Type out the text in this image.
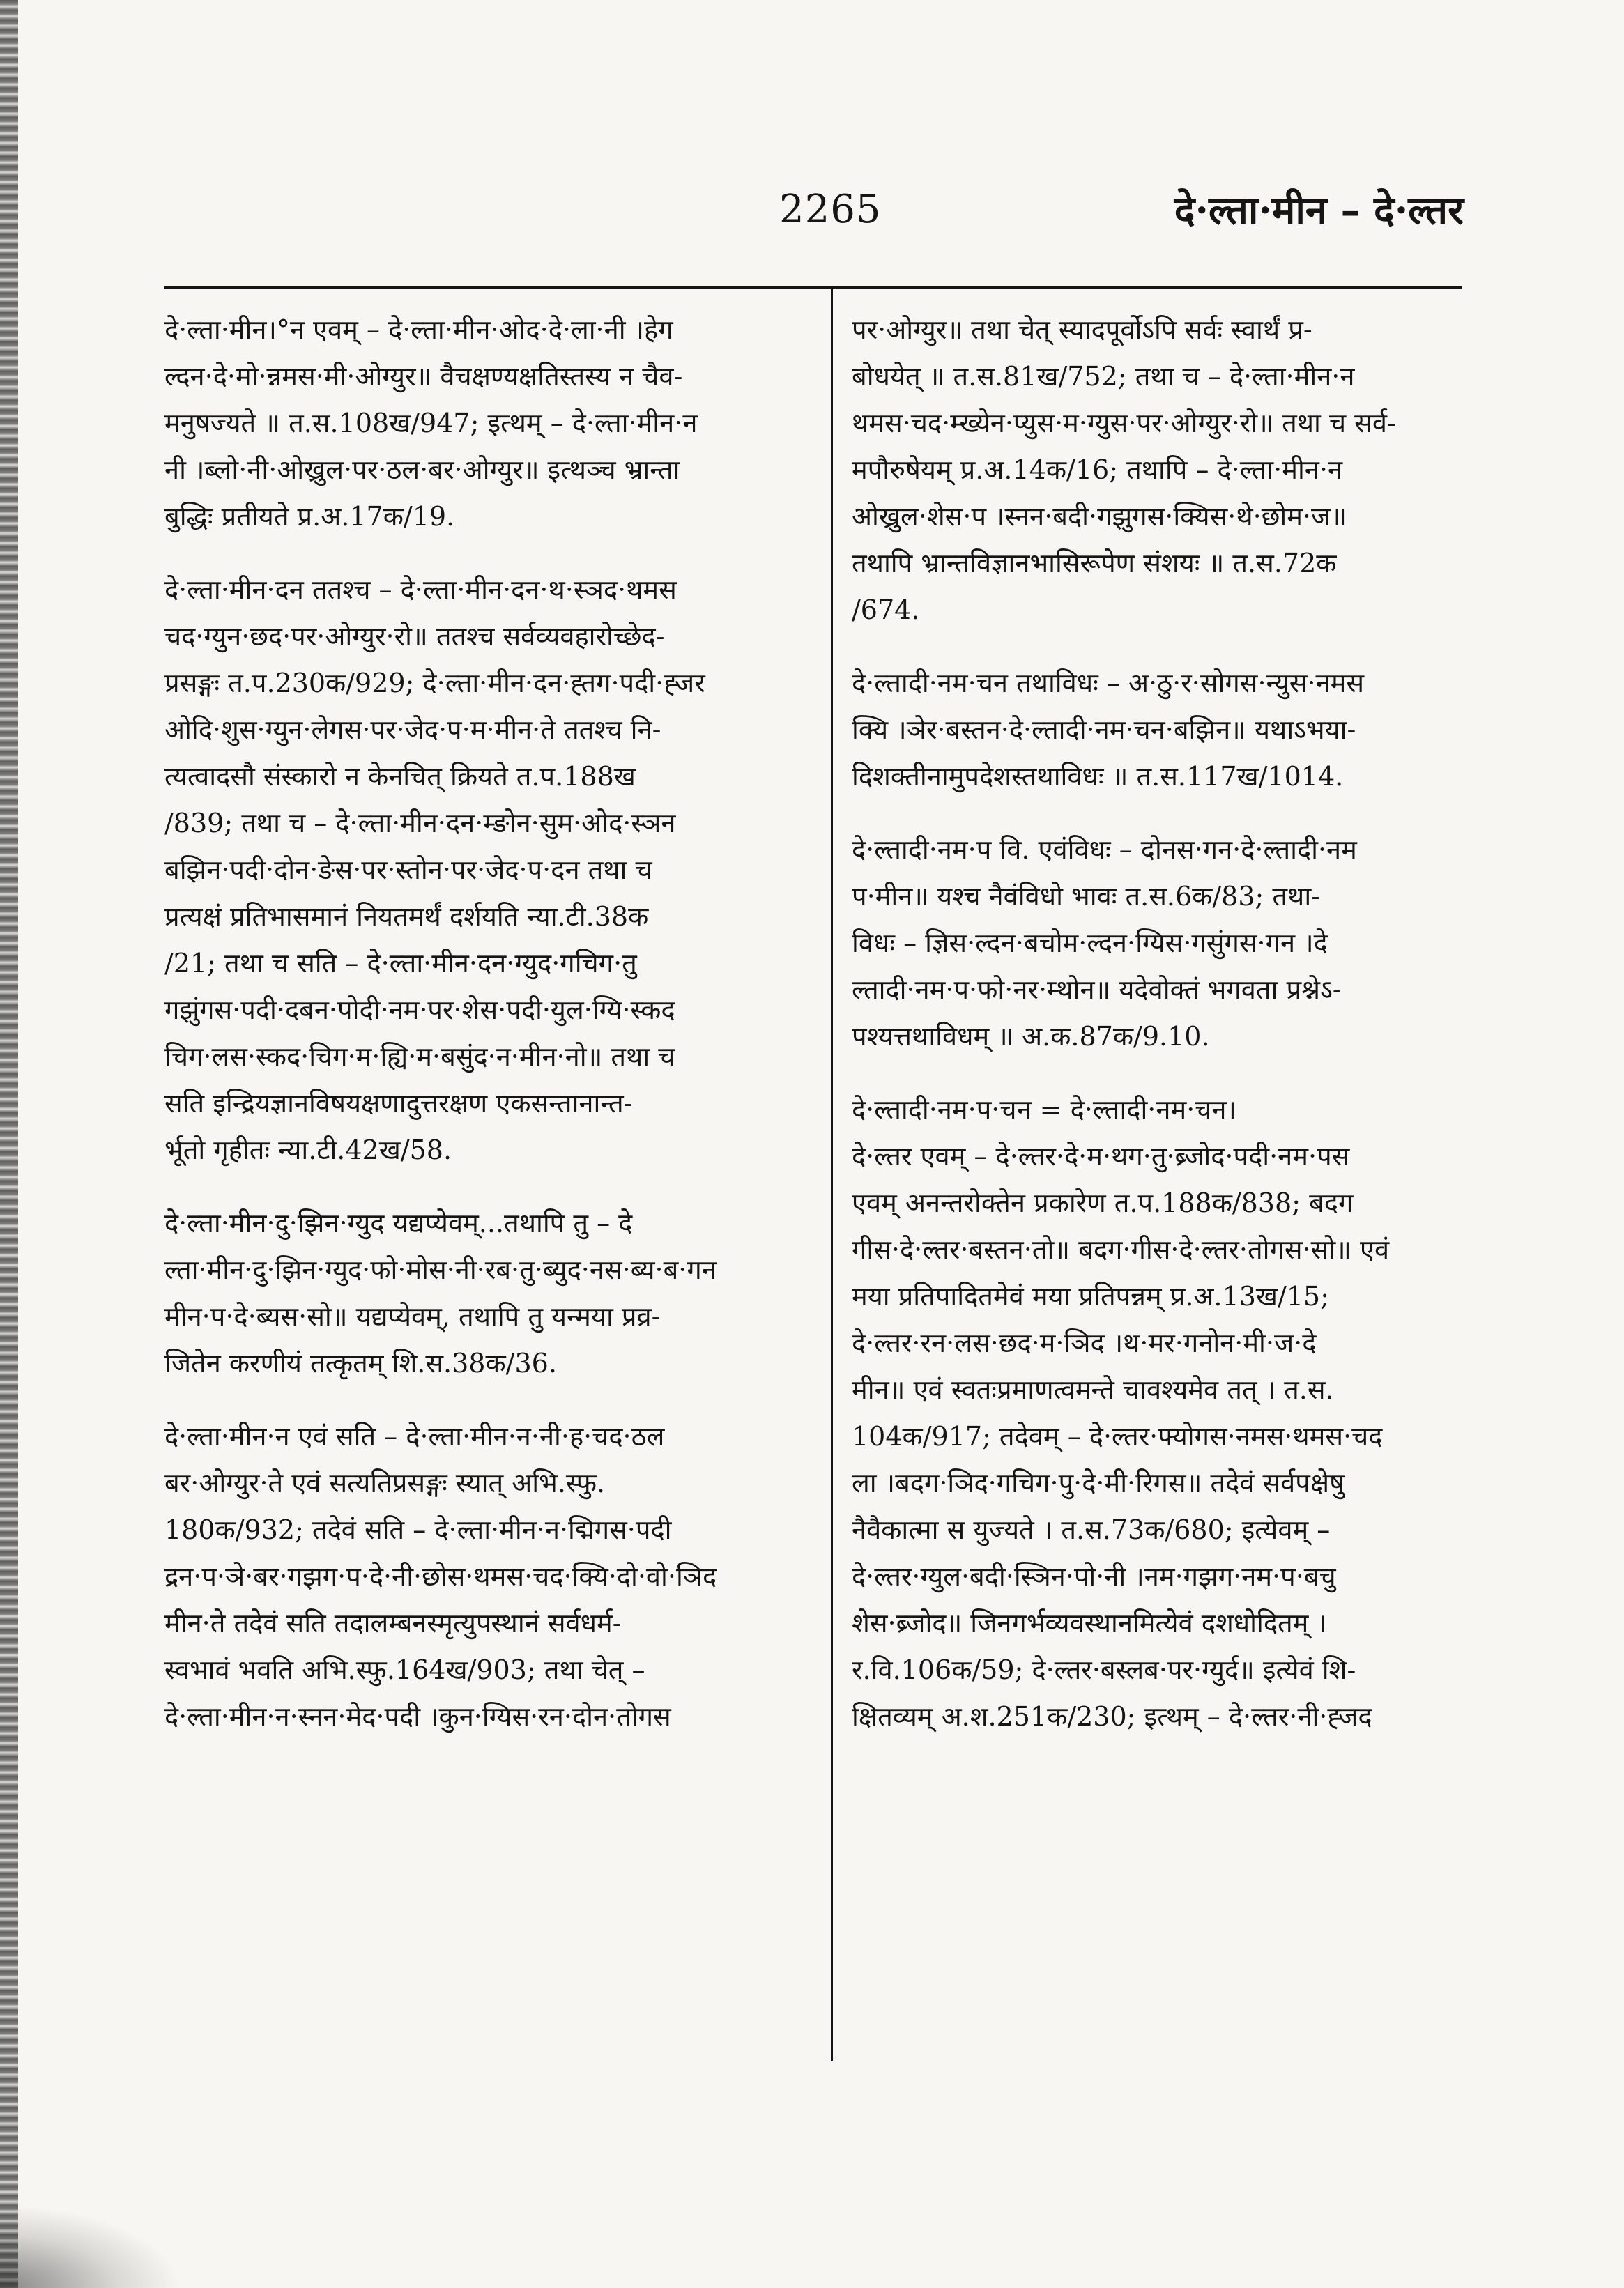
2265	दे·ल्ता·मीन – दे·ल्तर
दे·ल्ता·मीन।°न एवम् – दे·ल्ता·मीन·ओद·दे·ला·नी ।हेग
ल्दन·दे·मो·न्नमस·मी·ओग्युर॥ वैचक्षण्यक्षतिस्तस्य न चैव-
मनुषज्यते ॥ त.स.108ख/947; इत्थम् – दे·ल्ता·मीन·न
नी ।ब्लो·नी·ओख्रुल·पर·ठल·बर·ओग्युर॥ इत्थञ्च भ्रान्ता
बुद्धिः प्रतीयते प्र.अ.17क/19.
दे·ल्ता·मीन·दन ततश्च – दे·ल्ता·मीन·दन·थ·स्ञद·थमस
चद·ग्युन·छद·पर·ओग्युर·रो॥ ततश्च सर्वव्यवहारोच्छेद-
प्रसङ्गः त.प.230क/929; दे·ल्ता·मीन·दन·ह्तग·पदी·ह्जर
ओदि·शुस·ग्युन·लेगस·पर·जेद·प·म·मीन·ते ततश्च नि-
त्यत्वादसौ संस्कारो न केनचित् क्रियते त.प.188ख
/839; तथा च – दे·ल्ता·मीन·दन·म्ङोन·सुम·ओद·स्ञन
बझिन·पदी·दोन·ङेस·पर·स्तोन·पर·जेद·प·दन तथा च
प्रत्यक्षं प्रतिभासमानं नियतमर्थं दर्शयति न्या.टी.38क
/21; तथा च सति – दे·ल्ता·मीन·दन·ग्युद·गचिग·तु
गझुंगस·पदी·दबन·पोदी·नम·पर·शेस·पदी·युल·ग्यि·स्कद
चिग·लस·स्कद·चिग·म·ह्यि·म·बसुंद·न·मीन·नो॥ तथा च
सति इन्द्रियज्ञानविषयक्षणादुत्तरक्षण एकसन्तानान्त-
र्भूतो गृहीतः न्या.टी.42ख/58.
दे·ल्ता·मीन·दु·झिन·ग्युद यद्यप्येवम्...तथापि तु – दे
ल्ता·मीन·दु·झिन·ग्युद·फो·मोस·नी·रब·तु·ब्युद·नस·ब्य·ब·गन
मीन·प·दे·ब्यस·सो॥ यद्यप्येवम्, तथापि तु यन्मया प्रव्र-
जितेन करणीयं तत्कृतम् शि.स.38क/36.
दे·ल्ता·मीन·न एवं सति – दे·ल्ता·मीन·न·नी·ह·चद·ठल
बर·ओग्युर·ते एवं सत्यतिप्रसङ्गः स्यात् अभि.स्फु.
180क/932; तदेवं सति – दे·ल्ता·मीन·न·द्मिगस·पदी
द्रन·प·ञे·बर·गझग·प·दे·नी·छोस·थमस·चद·क्यि·दो·वो·ञिद
मीन·ते तदेवं सति तदालम्बनस्मृत्युपस्थानं सर्वधर्म-
स्वभावं भवति अभि.स्फु.164ख/903; तथा चेत् –
दे·ल्ता·मीन·न·स्नन·मेद·पदी ।कुन·ग्यिस·रन·दोन·तोगस
पर·ओग्युर॥ तथा चेत् स्यादपूर्वोऽपि सर्वः स्वार्थं प्र-
बोधयेत् ॥ त.स.81ख/752; तथा च – दे·ल्ता·मीन·न
थमस·चद·म्ख्येन·प्युस·म·ग्युस·पर·ओग्युर·रो॥ तथा च सर्व-
मपौरुषेयम् प्र.अ.14क/16; तथापि – दे·ल्ता·मीन·न
ओख्रुल·शेस·प ।स्नन·बदी·गझुगस·क्यिस·थे·छोम·ज॥
तथापि भ्रान्तविज्ञानभासिरूपेण संशयः ॥ त.स.72क
/674.
दे·ल्तादी·नम·चन तथाविधः – अ·ठु·र·सोगस·न्युस·नमस
क्यि ।ञेर·बस्तन·दे·ल्तादी·नम·चन·बझिन॥ यथाऽभया-
दिशक्तीनामुपदेशस्तथाविधः ॥ त.स.117ख/1014.
दे·ल्तादी·नम·प वि. एवंविधः – दोनस·गन·दे·ल्तादी·नम
प·मीन॥ यश्च नैवंविधो भावः त.स.6क/83; तथा-
विधः – ज्ञिस·ल्दन·बचोम·ल्दन·ग्यिस·गसुंगस·गन ।दे
ल्तादी·नम·प·फो·नर·म्थोन॥ यदेवोक्तं भगवता प्रश्नेऽ-
पश्यत्तथाविधम् ॥ अ.क.87क/9.10.
दे·ल्तादी·नम·प·चन = दे·ल्तादी·नम·चन।
दे·ल्तर एवम् – दे·ल्तर·दे·म·थग·तु·ब्र्जोद·पदी·नम·पस
एवम् अनन्तरोक्तेन प्रकारेण त.प.188क/838; बदग
गीस·दे·ल्तर·बस्तन·तो॥ बदग·गीस·दे·ल्तर·तोगस·सो॥ एवं
मया प्रतिपादितमेवं मया प्रतिपन्नम् प्र.अ.13ख/15;
दे·ल्तर·रन·लस·छद·म·ञिद ।थ·मर·गनोन·मी·ज·दे
मीन॥ एवं स्वतःप्रमाणत्वमन्ते चावश्यमेव तत् । त.स.
104क/917; तदेवम् – दे·ल्तर·फ्योगस·नमस·थमस·चद
ला ।बदग·ञिद·गचिग·पु·दे·मी·रिगस॥ तदेवं सर्वपक्षेषु
नैवैकात्मा स युज्यते । त.स.73क/680; इत्येवम् –
दे·ल्तर·ग्युल·बदी·स्ञिन·पो·नी ।नम·गझग·नम·प·बचु
शेस·ब्र्जोद॥ जिनगर्भव्यवस्थानमित्येवं दशधोदितम् ।
र.वि.106क/59; दे·ल्तर·बस्लब·पर·ग्युर्द॥ इत्येवं शि-
क्षितव्यम् अ.श.251क/230; इत्थम् – दे·ल्तर·नी·ह्जद
